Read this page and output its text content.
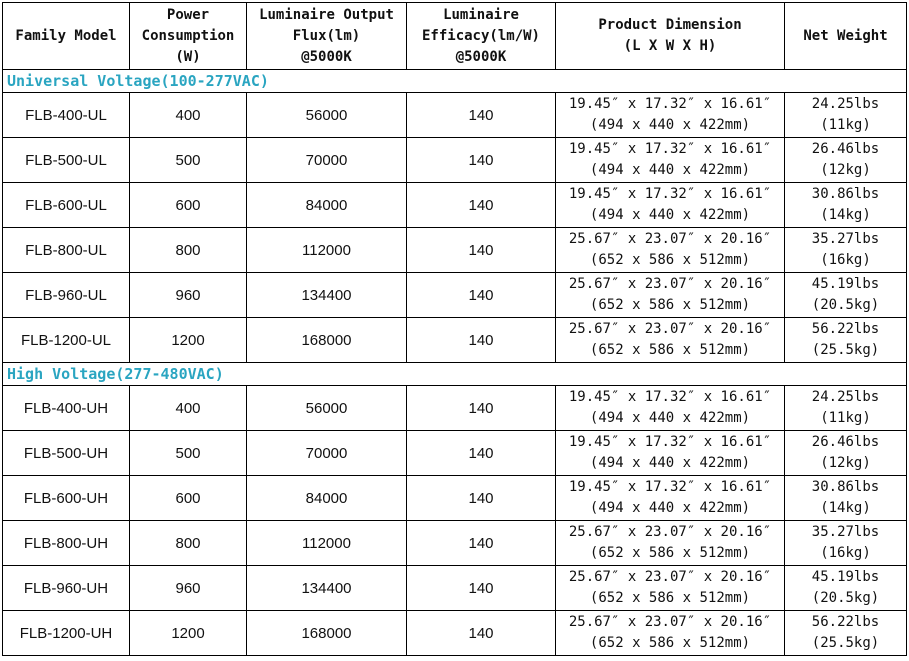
Family Model	Power
Consumption
(W)	Luminaire Output
Flux(lm)
@5000K	Luminaire
Efficacy(lm/W)
@5000K	Product Dimension
(L X W X H)	Net Weight

Universal Voltage(100-277VAC)					
FLB-400-UL	400	56000	140	19.45″ x 17.32″ x 16.61″
(494 x 440 x 422mm)	24.25lbs
(11kg)

FLB-500-UL	500	70000	140	19.45″ x 17.32″ x 16.61″
(494 x 440 x 422mm)	26.46lbs
(12kg)

FLB-600-UL	600	84000	140	19.45″ x 17.32″ x 16.61″
(494 x 440 x 422mm)	30.86lbs
(14kg)

FLB-800-UL	800	112000	140	25.67″ x 23.07″ x 20.16″
(652 x 586 x 512mm)	35.27lbs
(16kg)

FLB-960-UL	960	134400	140	25.67″ x 23.07″ x 20.16″
(652 x 586 x 512mm)	45.19lbs
(20.5kg)

FLB-1200-UL	1200	168000	140	25.67″ x 23.07″ x 20.16″
(652 x 586 x 512mm)	56.22lbs
(25.5kg)

High Voltage(277-480VAC)					
FLB-400-UH	400	56000	140	19.45″ x 17.32″ x 16.61″
(494 x 440 x 422mm)	24.25lbs
(11kg)

FLB-500-UH	500	70000	140	19.45″ x 17.32″ x 16.61″
(494 x 440 x 422mm)	26.46lbs
(12kg)

FLB-600-UH	600	84000	140	19.45″ x 17.32″ x 16.61″
(494 x 440 x 422mm)	30.86lbs
(14kg)

FLB-800-UH	800	112000	140	25.67″ x 23.07″ x 20.16″
(652 x 586 x 512mm)	35.27lbs
(16kg)

FLB-960-UH	960	134400	140	25.67″ x 23.07″ x 20.16″
(652 x 586 x 512mm)	45.19lbs
(20.5kg)

FLB-1200-UH	1200	168000	140	25.67″ x 23.07″ x 20.16″
(652 x 586 x 512mm)	56.22lbs
(25.5kg)
